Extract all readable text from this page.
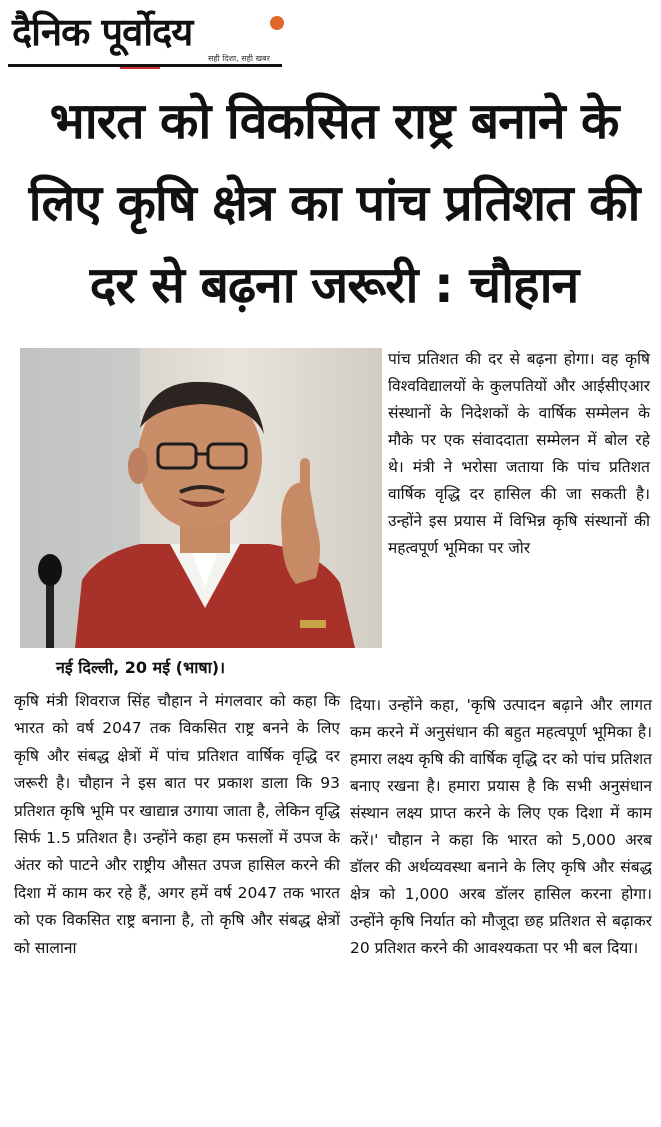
दैनिक पूर्वोदय
सही दिशा, सही खबर
भारत को विकसित राष्ट्र बनाने के लिए कृषि क्षेत्र का पांच प्रतिशत की दर से बढ़ना जरूरी : चौहान
पांच प्रतिशत की दर से बढ़ना होगा। वह कृषि विश्वविद्यालयों के कुलपतियों और आईसीएआर संस्थानों के निदेशकों के वार्षिक सम्मेलन के मौके पर एक संवाददाता सम्मेलन में बोल रहे थे। मंत्री ने भरोसा जताया कि पांच प्रतिशत वार्षिक वृद्धि दर हासिल की जा सकती है। उन्होंने इस प्रयास में विभिन्न कृषि संस्थानों की महत्वपूर्ण भूमिका पर जोर
नई दिल्ली, 20 मई (भाषा)।
कृषि मंत्री शिवराज सिंह चौहान ने मंगलवार को कहा कि भारत को वर्ष 2047 तक विकसित राष्ट्र बनने के लिए कृषि और संबद्ध क्षेत्रों में पांच प्रतिशत वार्षिक वृद्धि दर जरूरी है। चौहान ने इस बात पर प्रकाश डाला कि 93 प्रतिशत कृषि भूमि पर खाद्यान्न उगाया जाता है, लेकिन वृद्धि सिर्फ 1.5 प्रतिशत है। उन्होंने कहा हम फसलों में उपज के अंतर को पाटने और राष्ट्रीय औसत उपज हासिल करने की दिशा में काम कर रहे हैं, अगर हमें वर्ष 2047 तक भारत को एक विकसित राष्ट्र बनाना है, तो कृषि और संबद्ध क्षेत्रों को सालाना
दिया। उन्होंने कहा, 'कृषि उत्पादन बढ़ाने और लागत कम करने में अनुसंधान की बहुत महत्वपूर्ण भूमिका है। हमारा लक्ष्य कृषि की वार्षिक वृद्धि दर को पांच प्रतिशत बनाए रखना है। हमारा प्रयास है कि सभी अनुसंधान संस्थान लक्ष्य प्राप्त करने के लिए एक दिशा में काम करें।' चौहान ने कहा कि भारत को 5,000 अरब डॉलर की अर्थव्यवस्था बनाने के लिए कृषि और संबद्ध क्षेत्र को 1,000 अरब डॉलर हासिल करना होगा। उन्होंने कृषि निर्यात को मौजूदा छह प्रतिशत से बढ़ाकर 20 प्रतिशत करने की आवश्यकता पर भी बल दिया।
